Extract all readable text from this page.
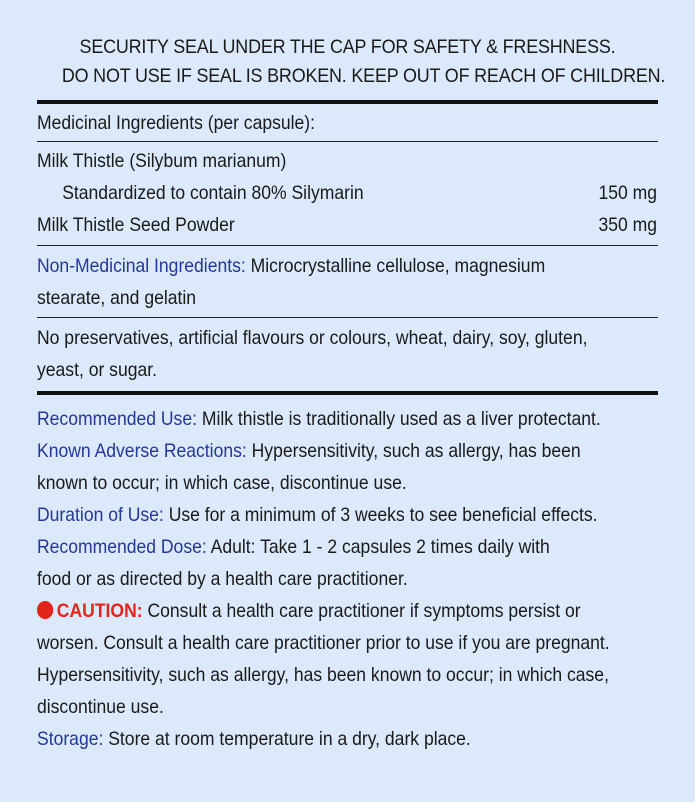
SECURITY SEAL UNDER THE CAP FOR SAFETY & FRESHNESS.
DO NOT USE IF SEAL IS BROKEN. KEEP OUT OF REACH OF CHILDREN.
Medicinal Ingredients (per capsule):
Milk Thistle (Silybum marianum)
Standardized to contain 80% Silymarin	150 mg
Milk Thistle Seed Powder	350 mg
Non-Medicinal Ingredients: Microcrystalline cellulose, magnesium
stearate, and gelatin
No preservatives, artificial flavours or colours, wheat, dairy, soy, gluten,
yeast, or sugar.
Recommended Use: Milk thistle is traditionally used as a liver protectant.
Known Adverse Reactions: Hypersensitivity, such as allergy, has been
known to occur; in which case, discontinue use.
Duration of Use: Use for a minimum of 3 weeks to see beneficial effects.
Recommended Dose: Adult: Take 1 - 2 capsules 2 times daily with
food or as directed by a health care practitioner.
CAUTION: Consult a health care practitioner if symptoms persist or
worsen. Consult a health care practitioner prior to use if you are pregnant.
Hypersensitivity, such as allergy, has been known to occur; in which case,
discontinue use.
Storage: Store at room temperature in a dry, dark place.
